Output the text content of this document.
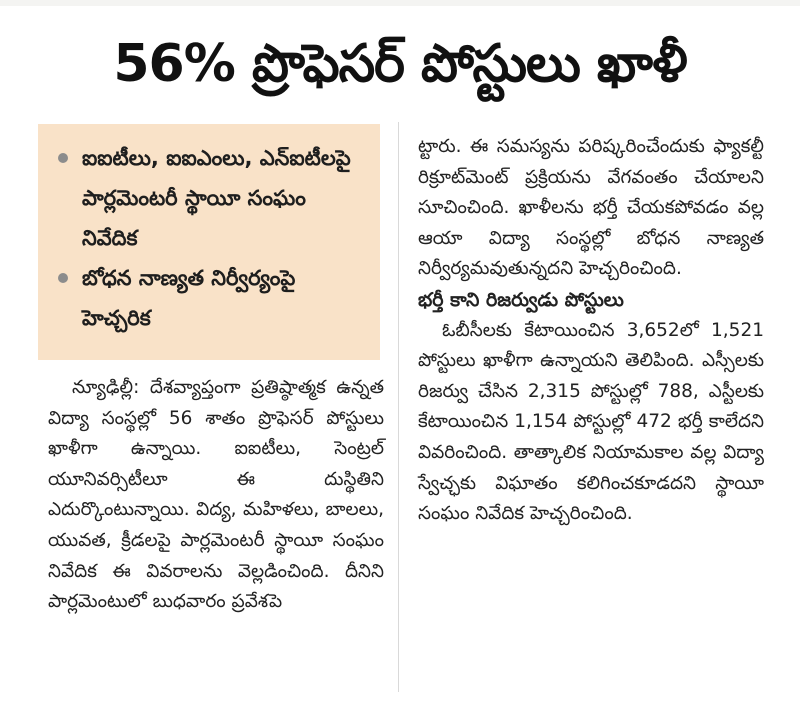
56% ప్రొఫెసర్ పోస్టులు ఖాళీ
ఐఐటీలు, ఐఐఎంలు, ఎన్ఐటీలపై పార్లమెంటరీ స్థాయీ సంఘం నివేదిక
బోధన నాణ్యత నిర్వీర్యంపై హెచ్చరిక

న్యూఢిల్లీ: దేశవ్యాప్తంగా ప్రతిష్ఠాత్మక ఉన్నత విద్యా సంస్థల్లో 56 శాతం ప్రొఫెసర్ పోస్టులు ఖాళీగా ఉన్నాయి. ఐఐటీలు, సెంట్రల్ యూనివర్సిటీలూ ఈ దుస్థితిని ఎదుర్కొంటున్నాయి. విద్య, మహిళలు, బాలలు, యువత, క్రీడలపై పార్లమెంటరీ స్థాయీ సంఘం నివేదిక ఈ వివరాలను వెల్లడించింది. దీనిని పార్లమెంటులో బుధవారం ప్రవేశపె

ట్టారు. ఈ సమస్యను పరిష్కరించేందుకు ఫ్యాకల్టీ రిక్రూట్‌మెంట్ ప్రక్రియను వేగవంతం చేయాలని సూచించింది. ఖాళీలను భర్తీ చేయకపోవడం వల్ల ఆయా విద్యా సంస్థల్లో బోధన నాణ్యత నిర్వీర్యమవుతున్నదని హెచ్చరించింది.

భర్తీ కాని రిజర్వుడు పోస్టులు

ఓబీసీలకు కేటాయించిన 3,652లో 1,521 పోస్టులు ఖాళీగా ఉన్నాయని తెలిపింది. ఎస్సీలకు రిజర్వు చేసిన 2,315 పోస్టుల్లో 788, ఎస్టీలకు కేటాయించిన 1,154 పోస్టుల్లో 472 భర్తీ కాలేదని వివరించింది. తాత్కాలిక నియామకాల వల్ల విద్యా స్వేచ్ఛకు విఘాతం కలిగించకూడదని స్థాయీ సంఘం నివేదిక హెచ్చరించింది.
